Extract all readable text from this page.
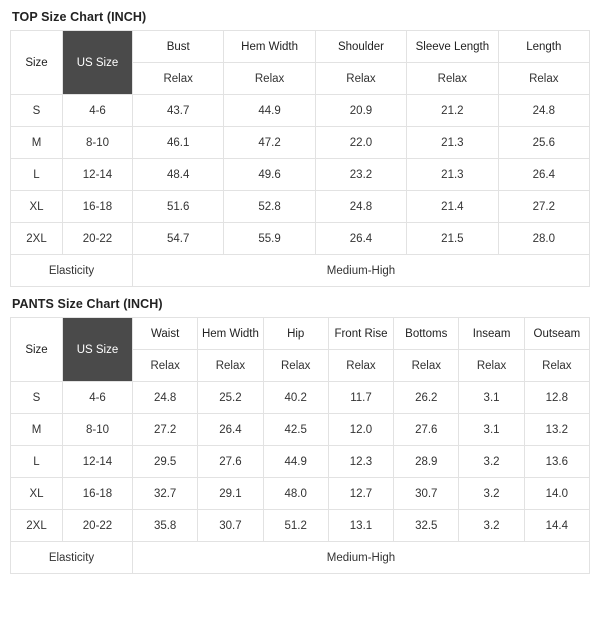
TOP Size Chart (INCH)
Size	US Size	Bust	Hem Width	Shoulder	Sleeve Length	Length
		Relax	Relax	Relax	Relax	Relax
S	4-6	43.7	44.9	20.9	21.2	24.8
M	8-10	46.1	47.2	22.0	21.3	25.6
L	12-14	48.4	49.6	23.2	21.3	26.4
XL	16-18	51.6	52.8	24.8	21.4	27.2
2XL	20-22	54.7	55.9	26.4	21.5	28.0
Elasticity		Medium-High				
PANTS Size Chart (INCH)
Size	US Size	Waist	Hem Width	Hip	Front Rise	Bottoms	Inseam	Outseam
		Relax	Relax	Relax	Relax	Relax	Relax	Relax
S	4-6	24.8	25.2	40.2	11.7	26.2	3.1	12.8
M	8-10	27.2	26.4	42.5	12.0	27.6	3.1	13.2
L	12-14	29.5	27.6	44.9	12.3	28.9	3.2	13.6
XL	16-18	32.7	29.1	48.0	12.7	30.7	3.2	14.0
2XL	20-22	35.8	30.7	51.2	13.1	32.5	3.2	14.4
Elasticity		Medium-High						
